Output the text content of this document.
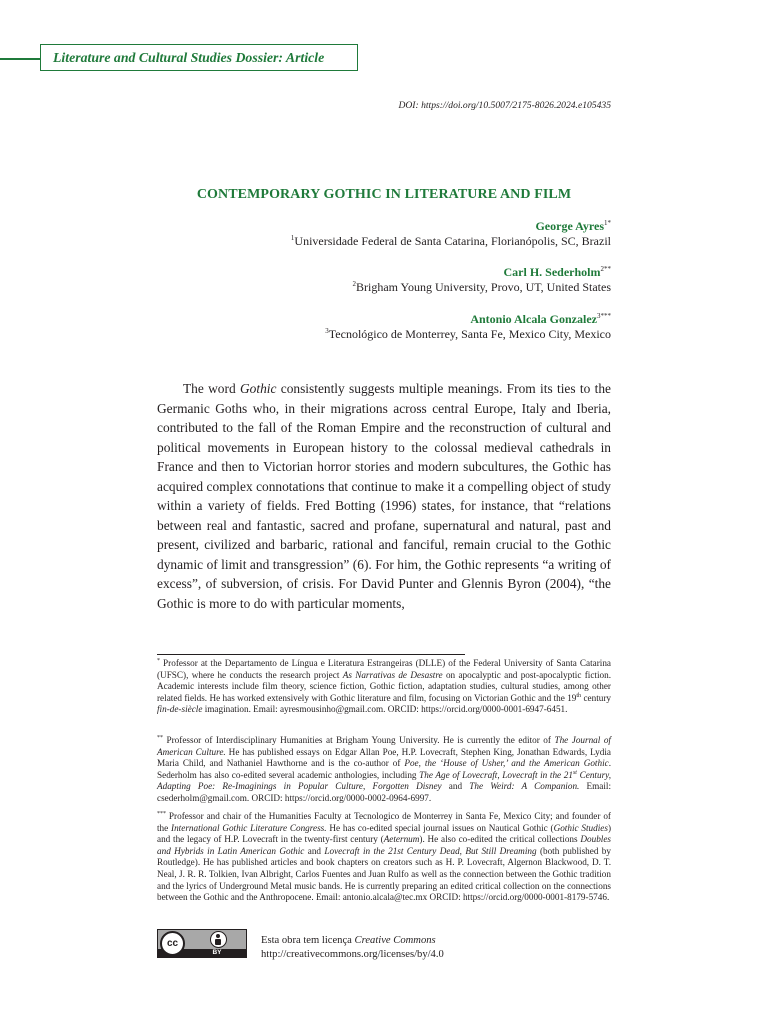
Literature and Cultural Studies Dossier: Article
DOI: https://doi.org/10.5007/2175-8026.2024.e105435
CONTEMPORARY GOTHIC IN LITERATURE AND FILM
George Ayres$^{1*}$
$^1$Universidade Federal de Santa Catarina, Florianópolis, SC, Brazil
Carl H. Sederholm$^{2**}$
$^2$Brigham Young University, Provo, UT, United States
Antonio Alcala Gonzalez$^{3***}$
$^3$Tecnológico de Monterrey, Santa Fe, Mexico City, Mexico

The word Gothic consistently suggests multiple meanings. From its ties to the Germanic Goths who, in their migrations across central Europe, Italy and Iberia, contributed to the fall of the Roman Empire and the reconstruction of cultural and political movements in European history to the colossal medieval cathedrals in France and then to Victorian horror stories and modern subcultures, the Gothic has acquired complex connotations that continue to make it a compelling object of study within a variety of fields. Fred Botting (1996) states, for instance, that “relations between real and fantastic, sacred and profane, supernatural and natural, past and present, civilized and barbaric, rational and fanciful, remain crucial to the Gothic dynamic of limit and transgression” (6). For him, the Gothic represents “a writing of excess”, of subversion, of crisis. For David Punter and Glennis Byron (2004), “the Gothic is more to do with particular moments,

* Professor at the Departamento de Língua e Literatura Estrangeiras (DLLE) of the Federal University of Santa Catarina (UFSC), where he conducts the research project As Narrativas de Desastre on apocalyptic and post-apocalyptic fiction. Academic interests include film theory, science fiction, Gothic fiction, adaptation studies, cultural studies, among other related fields. He has worked extensively with Gothic literature and film, focusing on Victorian Gothic and the 19th century fin-de-siècle imagination. Email: ayresmousinho@gmail.com. ORCID: https://orcid.org/0000-0001-6947-6451.

** Professor of Interdisciplinary Humanities at Brigham Young University. He is currently the editor of The Journal of American Culture. He has published essays on Edgar Allan Poe, H.P. Lovecraft, Stephen King, Jonathan Edwards, Lydia Maria Child, and Nathaniel Hawthorne and is the co-author of Poe, the ‘House of Usher,’ and the American Gothic. Sederholm has also co-edited several academic anthologies, including The Age of Lovecraft, Lovecraft in the 21st Century, Adapting Poe: Re-Imaginings in Popular Culture, Forgotten Disney and The Weird: A Companion. Email: csederholm@gmail.com. ORCID: https://orcid.org/0000-0002-0964-6997.

*** Professor and chair of the Humanities Faculty at Tecnologico de Monterrey in Santa Fe, Mexico City; and founder of the International Gothic Literature Congress. He has co-edited special journal issues on Nautical Gothic (Gothic Studies) and the legacy of H.P. Lovecraft in the twenty-first century (Aeternum). He also co-edited the critical collections Doubles and Hybrids in Latin American Gothic and Lovecraft in the 21st Century Dead, But Still Dreaming (both published by Routledge). He has published articles and book chapters on creators such as H. P. Lovecraft, Algernon Blackwood, D. T. Neal, J. R. R. Tolkien, Ivan Albright, Carlos Fuentes and Juan Rulfo as well as the connection between the Gothic tradition and the lyrics of Underground Metal music bands. He is currently preparing an edited critical collection on the connections between the Gothic and the Anthropocene. Email: antonio.alcala@tec.mx ORCID: https://orcid.org/0000-0001-8179-5746.

cc
BY
Esta obra tem licença Creative Commons
http://creativecommons.org/licenses/by/4.0
